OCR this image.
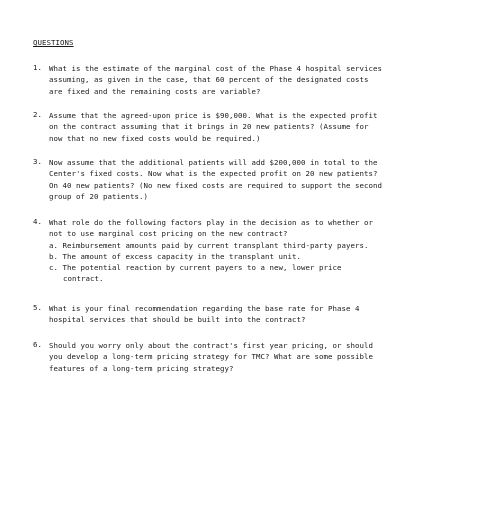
QUESTIONS
1. What is the estimate of the marginal cost of the Phase 4 hospital services
assuming, as given in the case, that 60 percent of the designated costs
are fixed and the remaining costs are variable?
2. Assume that the agreed-upon price is $90,000. What is the expected profit
on the contract assuming that it brings in 20 new patients? (Assume for
now that no new fixed costs would be required.)
3. Now assume that the additional patients will add $200,000 in total to the
Center's fixed costs. Now what is the expected profit on 20 new patients?
On 40 new patients? (No new fixed costs are required to support the second
group of 20 patients.)
4. What role do the following factors play in the decision as to whether or
not to use marginal cost pricing on the new contract?
a. Reimbursement amounts paid by current transplant third-party payers.
b. The amount of excess capacity in the transplant unit.
c. The potential reaction by current payers to a new, lower price
contract.
5. What is your final recommendation regarding the base rate for Phase 4
hospital services that should be built into the contract?
6. Should you worry only about the contract's first year pricing, or should
you develop a long-term pricing strategy for TMC? What are some possible
features of a long-term pricing strategy?
